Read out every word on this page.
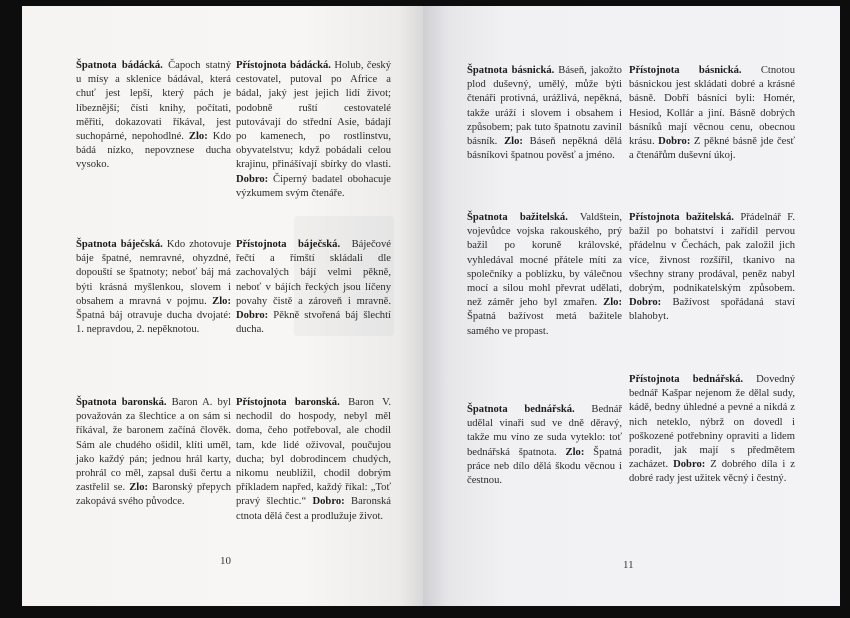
Špatnota bádácká. Čapoch statný u mísy a sklenice bádával, která chuť jest lepší, který pách je líbeznější; čísti knihy, počítati, měřiti, dokazovati říkával, jest suchopárné, nepohodlné. Zlo: Kdo bádá nízko, nepovznese ducha vysoko.
Přístojnota bádácká. Holub, český cestovatel, putoval po Africe a bádal, jaký jest jejich lidí život; podobně ruští cestovatelé putovávají do střední Asie, bádají po kamenech, po rostlinstvu, obyvatelstvu; když pobádali celou krajinu, přinášívají sbírky do vlasti. Dobro: Čiperný badatel obohacuje výzkumem svým čtenáře.
Špatnota báječská. Kdo zhotovuje báje špatné, nemravné, ohyzdné, dopouští se špatnoty; neboť báj má býti krásná myšlenkou, slovem i obsahem a mravná v pojmu. Zlo: Špatná báj otravuje ducha dvojaté: 1. nepravdou, 2. nepěknotou.
Přístojnota báječská. Báječové řečtí a římští skládali dle zachovalých bájí velmi pěkně, neboť v bájích řeckých jsou líčeny povahy čistě a zároveň i mravně. Dobro: Pěkně stvořená báj šlechtí ducha.
Špatnota baronská. Baron A. byl považován za šlechtice a on sám si říkával, že baronem začíná člověk. Sám ale chudého ošidil, klíti uměl, jako každý pán; jednou hrál karty, prohrál co měl, zapsal duši čertu a zastřelil se. Zlo: Baronský přepych zakopává svého původce.
Přístojnota baronská. Baron V. nechodil do hospody, nebyl měl doma, čeho potřeboval, ale chodil tam, kde lidé oživoval, poučujou ducha; byl dobrodincem chudých, nikomu neublížil, chodil dobrým příkladem napřed, každý říkal: „Toť pravý šlechtic.“ Dobro: Baronská ctnota dělá čest a prodlužuje život.
10
Špatnota básnická. Báseň, jakožto plod duševný, umělý, může býti čtenáři protivná, urážlivá, nepěkná, takže uráží i slovem i obsahem i způsobem; pak tuto špatnotu zavinil básník. Zlo: Báseň nepěkná dělá básníkovi špatnou pověsť a jméno.
Přístojnota básnická. Ctnotou básnickou jest skládati dobré a krásné básně. Dobří básníci byli: Homér, Hesiod, Kollár a jiní. Básně dobrých básníků mají věcnou cenu, obecnou krásu. Dobro: Z pěkné básně jde česť a čtenářům duševní úkoj.
Špatnota bažitelská. Valdštein, vojevůdce vojska rakouského, prý bažil po koruně královské, vyhledával mocné přátele míti za společníky a poblízku, by válečnou mocí a silou mohl převrat udělati, než záměr jeho byl zmařen. Zlo: Špatná bažívost metá bažitele samého ve propast.
Přístojnota bažitelská. Přádelnář F. bažil po bohatství i zařídil pervou přádelnu v Čechách, pak založil jich více, živnost rozšířil, tkanivo na všechny strany prodával, peněz nabyl dobrým, podnikatelským způsobem. Dobro: Bažívost spořádaná staví blahobyt.
Špatnota bednářská. Bednář udělal vinaři sud ve dně děravý, takže mu víno ze suda vyteklo: toť bednářská špatnota. Zlo: Špatná práce neb dílo dělá škodu věcnou i čestnou.
Přístojnota bednářská. Dovedný bednář Kašpar nejenom že dělal sudy, kádě, bedny úhledné a pevné a nikdá z nich neteklo, nýbrž on dovedl i poškozené potřebniny opraviti a lidem poradit, jak mají s předmětem zacházet. Dobro: Z dobrého díla i z dobré rady jest užitek věcný i čestný.
11
